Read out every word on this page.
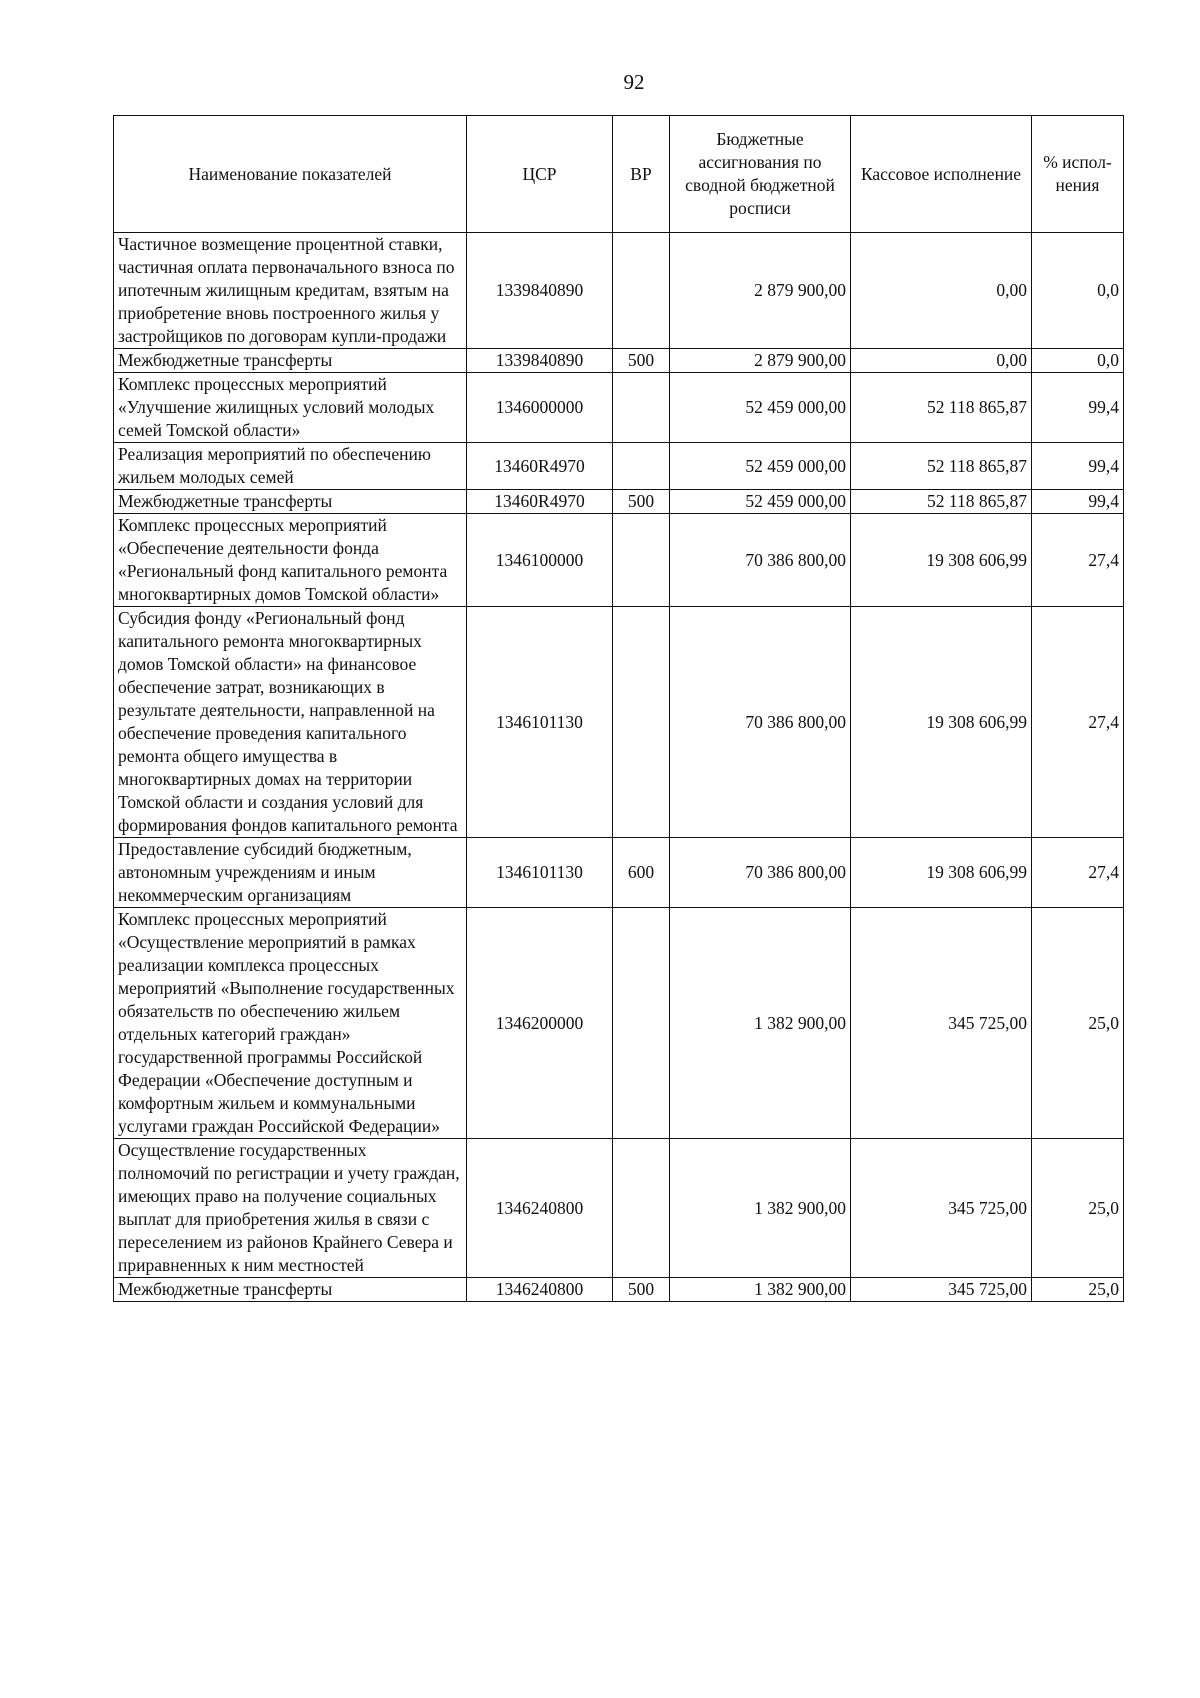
92
Наименование показателей	ЦСР	ВР	Бюджетные ассигнования по сводной бюджетной росписи	Кассовое исполнение	% испол-нения
Частичное возмещение процентной ставки, частичная оплата первоначального взноса по ипотечным жилищным кредитам, взятым на приобретение вновь построенного жилья у застройщиков по договорам купли-продажи	1339840890		2 879 900,00	0,00	0,0
Межбюджетные трансферты	1339840890	500	2 879 900,00	0,00	0,0
Комплекс процессных мероприятий «Улучшение жилищных условий молодых семей Томской области»	1346000000		52 459 000,00	52 118 865,87	99,4
Реализация мероприятий по обеспечению жильем молодых семей	13460R4970		52 459 000,00	52 118 865,87	99,4
Межбюджетные трансферты	13460R4970	500	52 459 000,00	52 118 865,87	99,4
Комплекс процессных мероприятий «Обеспечение деятельности фонда «Региональный фонд капитального ремонта многоквартирных домов Томской области»	1346100000		70 386 800,00	19 308 606,99	27,4
Субсидия фонду «Региональный фонд капитального ремонта многоквартирных домов Томской области» на финансовое обеспечение затрат, возникающих в результате деятельности, направленной на обеспечение проведения капитального ремонта общего имущества в многоквартирных домах на территории Томской области и создания условий для формирования фондов капитального ремонта	1346101130		70 386 800,00	19 308 606,99	27,4
Предоставление субсидий бюджетным, автономным учреждениям и иным некоммерческим организациям	1346101130	600	70 386 800,00	19 308 606,99	27,4
Комплекс процессных мероприятий «Осуществление мероприятий в рамках реализации комплекса процессных мероприятий «Выполнение государственных обязательств по обеспечению жильем отдельных категорий граждан» государственной программы Российской Федерации «Обеспечение доступным и комфортным жильем и коммунальными услугами граждан Российской Федерации»	1346200000		1 382 900,00	345 725,00	25,0
Осуществление государственных полномочий по регистрации и учету граждан, имеющих право на получение социальных выплат для приобретения жилья в связи с переселением из районов Крайнего Севера и приравненных к ним местностей	1346240800		1 382 900,00	345 725,00	25,0
Межбюджетные трансферты	1346240800	500	1 382 900,00	345 725,00	25,0
